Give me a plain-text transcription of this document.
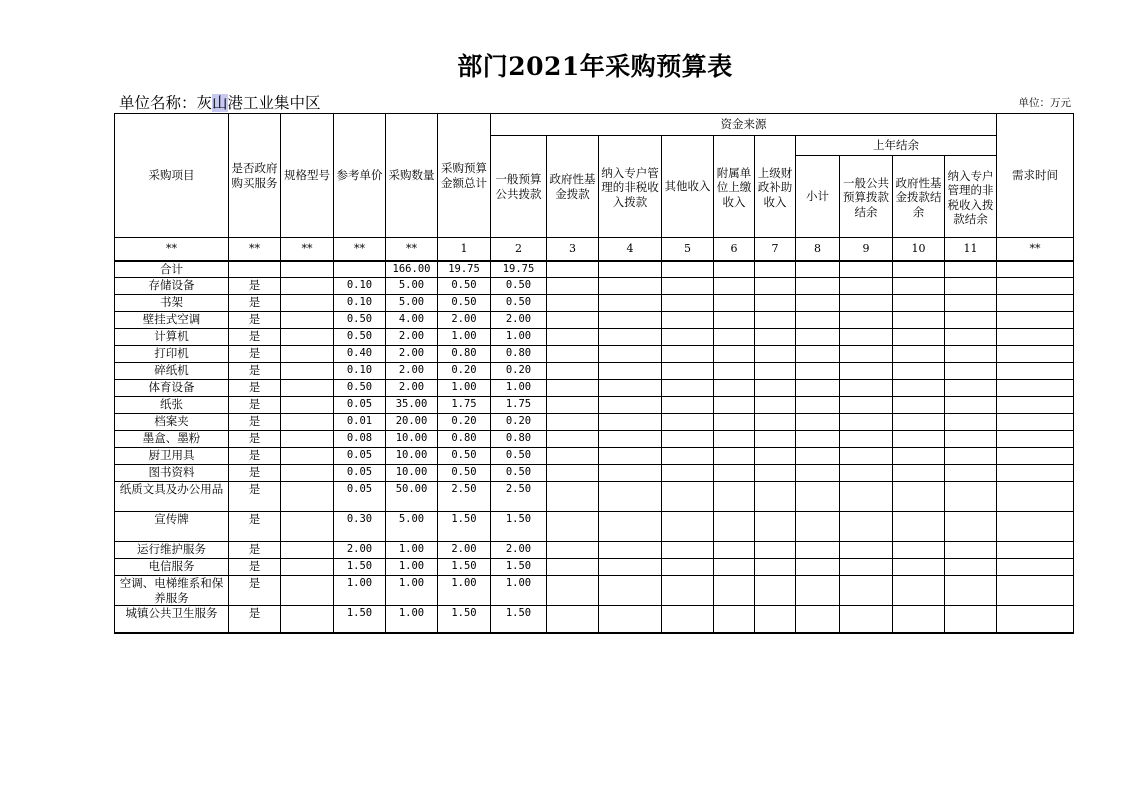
部门2021年采购预算表
单位名称：灰山港工业集中区	单位：万元
采购项目	是否政府购买服务	规格型号	参考单价	采购数量	采购预算金额总计	资金来源										需求时间
						一般预算公共拨款	政府性基金拨款	纳入专户管理的非税收入拨款	其他收入	附属单位上缴收入	上级财政补助收入	上年结余				
												小计	一般公共预算拨款结余	政府性基金拨款结余	纳入专户管理的非税收入拨款结余	
**	**	**	**	**	1	2	3	4	5	6	7	8	9	10	11	**
合计				166.00	19.75	19.75										
存储设备	是		0.10	5.00	0.50	0.50										
书架	是		0.10	5.00	0.50	0.50										
壁挂式空调	是		0.50	4.00	2.00	2.00										
计算机	是		0.50	2.00	1.00	1.00										
打印机	是		0.40	2.00	0.80	0.80										
碎纸机	是		0.10	2.00	0.20	0.20										
体育设备	是		0.50	2.00	1.00	1.00										
纸张	是		0.05	35.00	1.75	1.75										
档案夹	是		0.01	20.00	0.20	0.20										
墨盒、墨粉	是		0.08	10.00	0.80	0.80										
厨卫用具	是		0.05	10.00	0.50	0.50										
图书资料	是		0.05	10.00	0.50	0.50										
纸质文具及办公用品	是		0.05	50.00	2.50	2.50										
宣传牌	是		0.30	5.00	1.50	1.50										
运行维护服务	是		2.00	1.00	2.00	2.00										
电信服务	是		1.50	1.00	1.50	1.50										
空调、电梯维系和保养服务	是		1.00	1.00	1.00	1.00										
城镇公共卫生服务	是		1.50	1.00	1.50	1.50										
